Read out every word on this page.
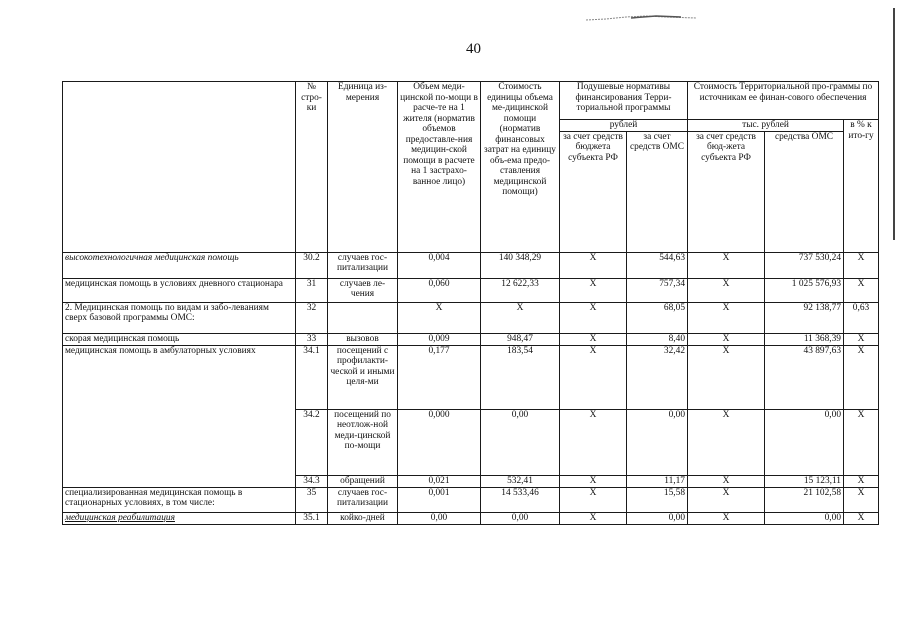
40
	№ стро-ки	Единица из-мерения	Объем меди-цинской по-мощи в расче-те на 1 жителя (норматив объемов предоставле-ния медицин-ской помощи в расчете на 1 застрахо-ванное лицо)	Стоимость единицы объема ме-дицинской помощи (норматив финансовых затрат на единицу объ-ема предо-ставления медицинской помощи)	Подушевые нормативы финансирования Терри-ториальной программы		Стоимость Территориальной про-граммы по источникам ее финан-сового обеспечения		
					рублей		тыс. рублей		в % к ито-гу
					за счет средств бюджета субъекта РФ	за счет средств ОМС	за счет средств бюд-жета субъекта РФ	средства ОМС	
высокотехнологичная медицинская помощь	30.2	случаев гос-питализации	0,004	140 348,29	X	544,63	X	737 530,24	X
медицинская помощь в условиях дневного стационара	31	случаев ле-чения	0,060	12 622,33	X	757,34	X	1 025 576,93	X
2. Медицинская помощь по видам и забо-леваниям сверх базовой программы ОМС:	32		X	X	X	68,05	X	92 138,77	0,63
скорая медицинская помощь	33	вызовов	0,009	948,47	X	8,40	X	11 368,39	X
медицинская помощь в амбулаторных условиях	34.1	посещений с профилакти-ческой и иными целя-ми	0,177	183,54	X	32,42	X	43 897,63	X
	34.2	посещений по неотлож-ной меди-цинской по-мощи	0,000	0,00	X	0,00	X	0,00	X
	34.3	обращений	0,021	532,41	X	11,17	X	15 123,11	X
специализированная медицинская помощь в стационарных условиях, в том числе:	35	случаев гос-питализации	0,001	14 533,46	X	15,58	X	21 102,58	X
медицинская реабилитация	35.1	койко-дней	0,00	0,00	X	0,00	X	0,00	X
